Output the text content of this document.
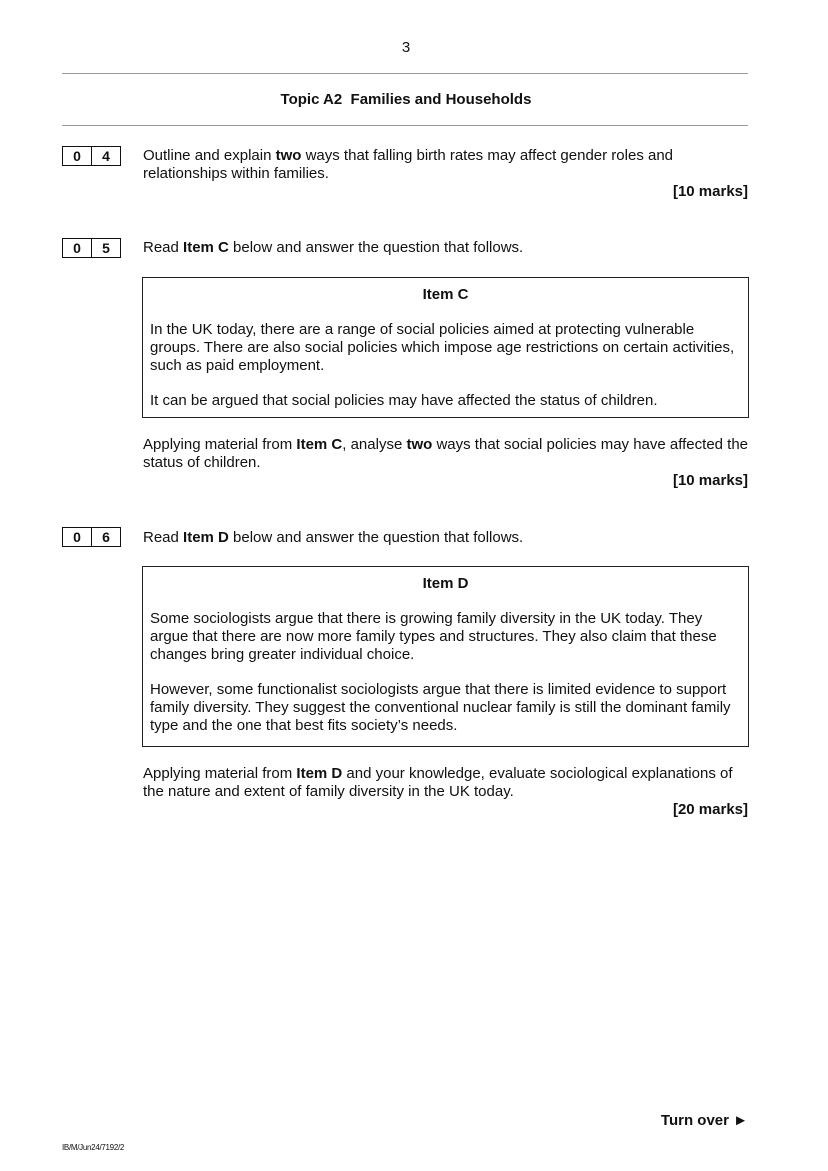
3
Topic A2  Families and Households
0	4	Outline and explain two ways that falling birth rates may affect gender roles and relationships within families.
[10 marks]
0	5	Read Item C below and answer the question that follows.
Item C

In the UK today, there are a range of social policies aimed at protecting vulnerable groups. There are also social policies which impose age restrictions on certain activities, such as paid employment.

It can be argued that social policies may have affected the status of children.

Applying material from Item C, analyse two ways that social policies may have affected the status of children.
[10 marks]
0	6	Read Item D below and answer the question that follows.
Item D

Some sociologists argue that there is growing family diversity in the UK today. They argue that there are now more family types and structures. They also claim that these changes bring greater individual choice.

However, some functionalist sociologists argue that there is limited evidence to support family diversity. They suggest the conventional nuclear family is still the dominant family type and the one that best fits society’s needs.

Applying material from Item D and your knowledge, evaluate sociological explanations of the nature and extent of family diversity in the UK today.
[20 marks]
Turn over ►
IB/M/Jun24/7192/2
